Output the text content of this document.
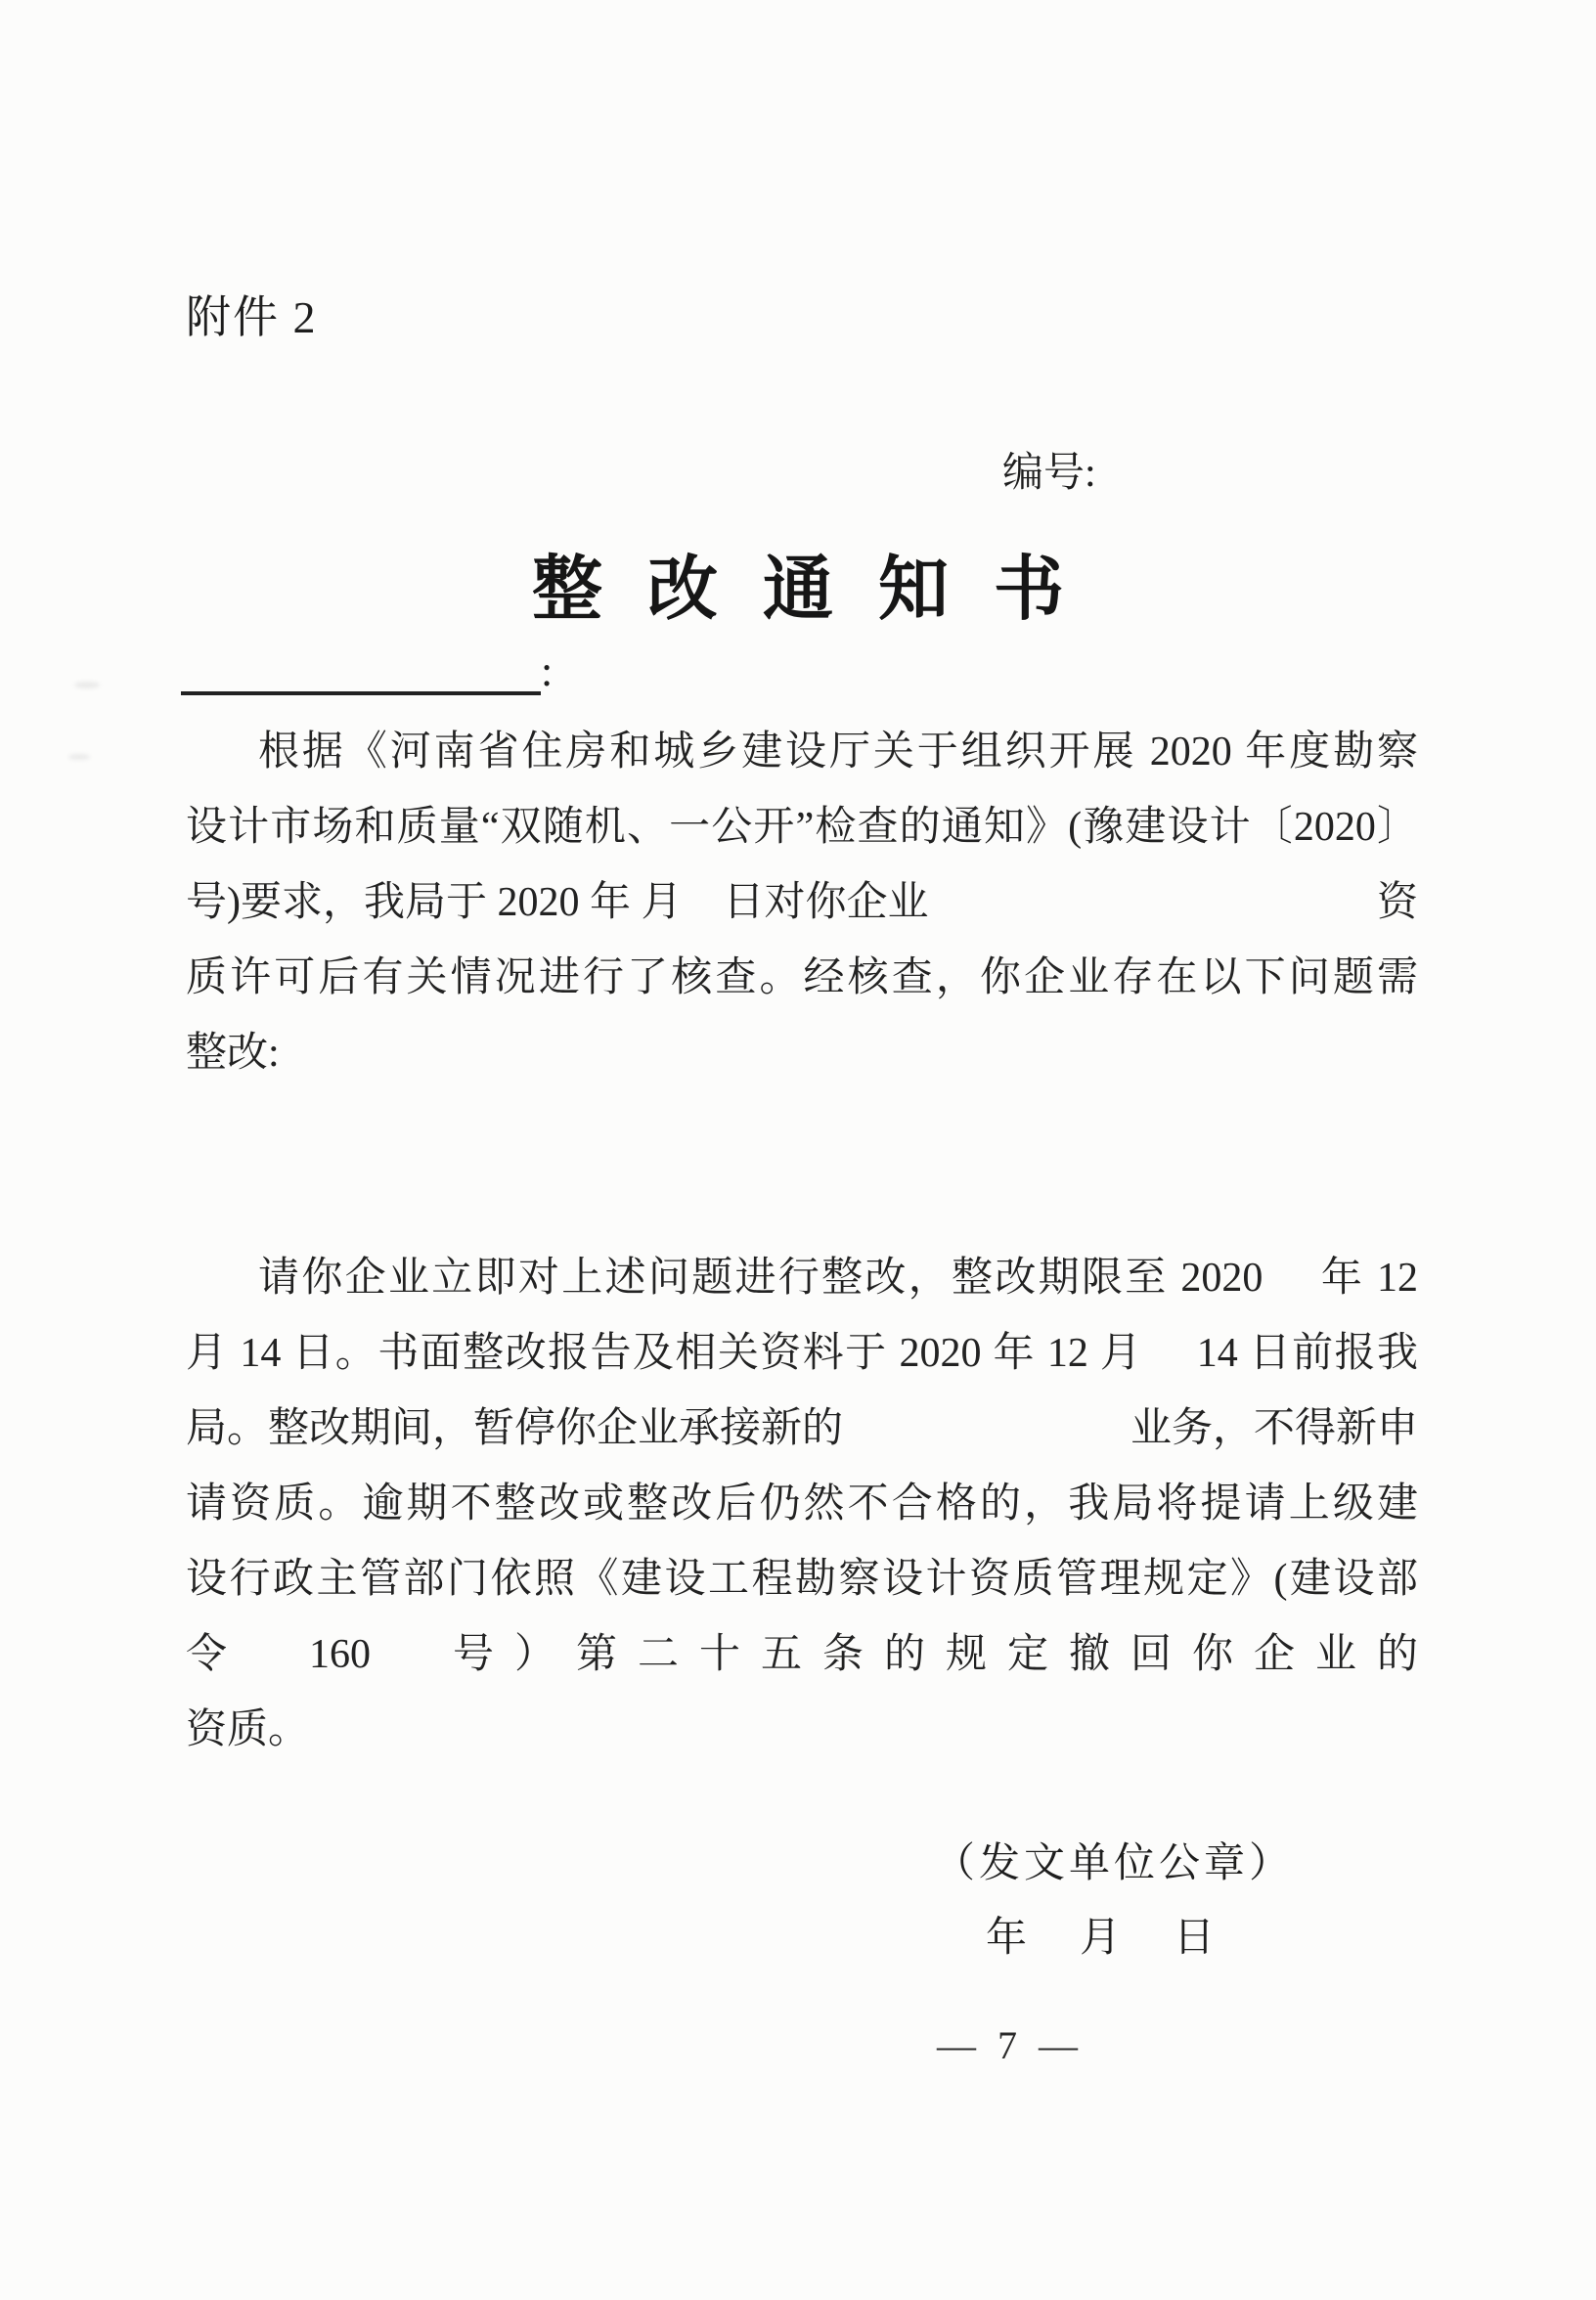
附件 2
编号:
整改通知书
:
根据《河南省住房和城乡建设厅关于组织开展 2020 年度勘察
设计市场和质量“双随机、一公开”检查的通知》(豫建设计〔2020〕
号)要求，我局于 2020 年 月　日对你企业	资
质许可后有关情况进行了核查。经核查，你企业存在以下问题需
整改:
请你企业立即对上述问题进行整改，整改期限至 2020　 年 12
月 14 日。书面整改报告及相关资料于 2020 年 12 月　 14 日前报我
局。整改期间，暂停你企业承接新的	业务，不得新申
请资质。逾期不整改或整改后仍然不合格的，我局将提请上级建
设行政主管部门依照《建设工程勘察设计资质管理规定》(建设部
令　160　号）第二十五条的规定撤回你企业的
资质。
（发文单位公章）
年　月　日
— 7 —
